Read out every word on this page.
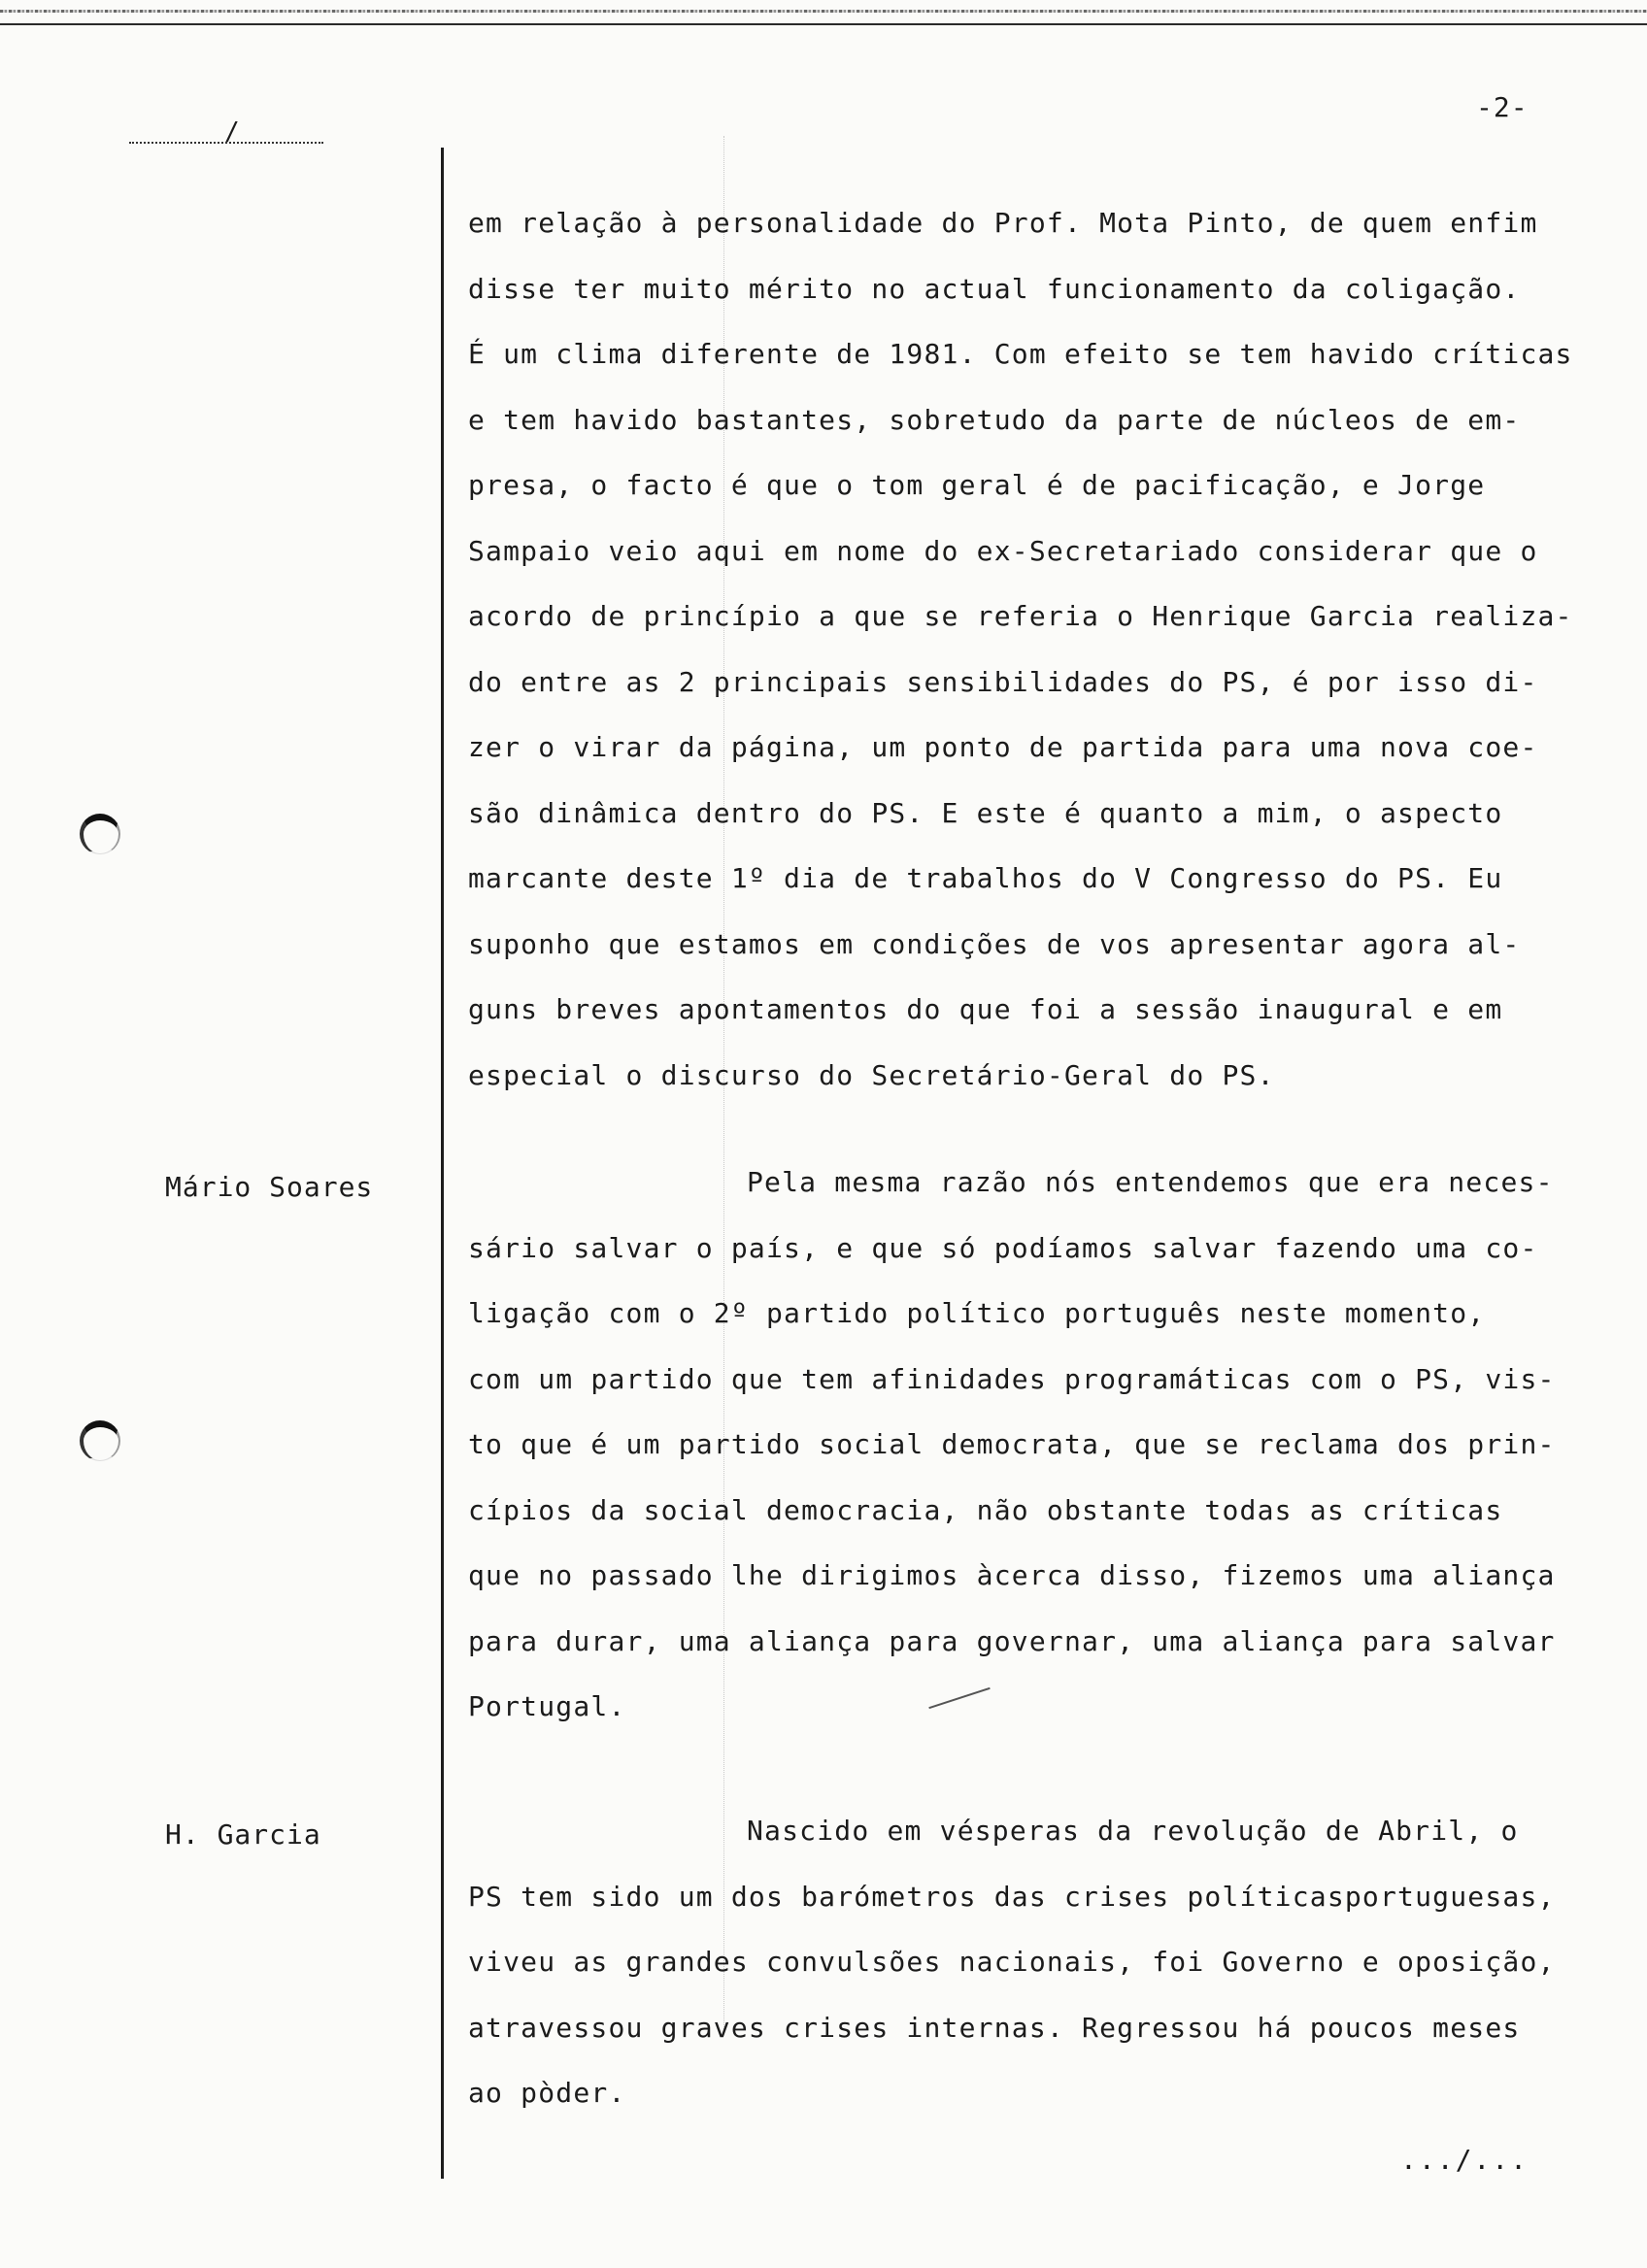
/
-2-
em relação à personalidade do Prof. Mota Pinto, de quem enfim
disse ter muito mérito no actual funcionamento da coligação.
É um clima diferente de 1981. Com efeito se tem havido críticas
e tem havido bastantes, sobretudo da parte de núcleos de em-
presa, o facto é que o tom geral é de pacificação, e Jorge
Sampaio veio aqui em nome do ex-Secretariado considerar que o
acordo de princípio a que se referia o Henrique Garcia realiza-
do entre as 2 principais sensibilidades do PS, é por isso di-
zer o virar da página, um ponto de partida para uma nova coe-
são dinâmica dentro do PS. E este é quanto a mim, o aspecto
marcante deste 1º dia de trabalhos do V Congresso do PS. Eu
suponho que estamos em condições de vos apresentar agora al-
guns breves apontamentos do que foi a sessão inaugural e em
especial o discurso do Secretário-Geral do PS.
Mário Soares	Pela mesma razão nós entendemos que era neces-
sário salvar o país, e que só podíamos salvar fazendo uma co-
ligação com o 2º partido político português neste momento,
com um partido que tem afinidades programáticas com o PS, vis-
to que é um partido social democrata, que se reclama dos prin-
cípios da social democracia, não obstante todas as críticas
que no passado lhe dirigimos àcerca disso, fizemos uma aliança
para durar, uma aliança para governar, uma aliança para salvar
Portugal.
H. Garcia	Nascido em vésperas da revolução de Abril, o
PS tem sido um dos barómetros das crises políticasportuguesas,
viveu as grandes convulsões nacionais, foi Governo e oposição,
atravessou graves crises internas. Regressou há poucos meses
ao pòder.
.../...
